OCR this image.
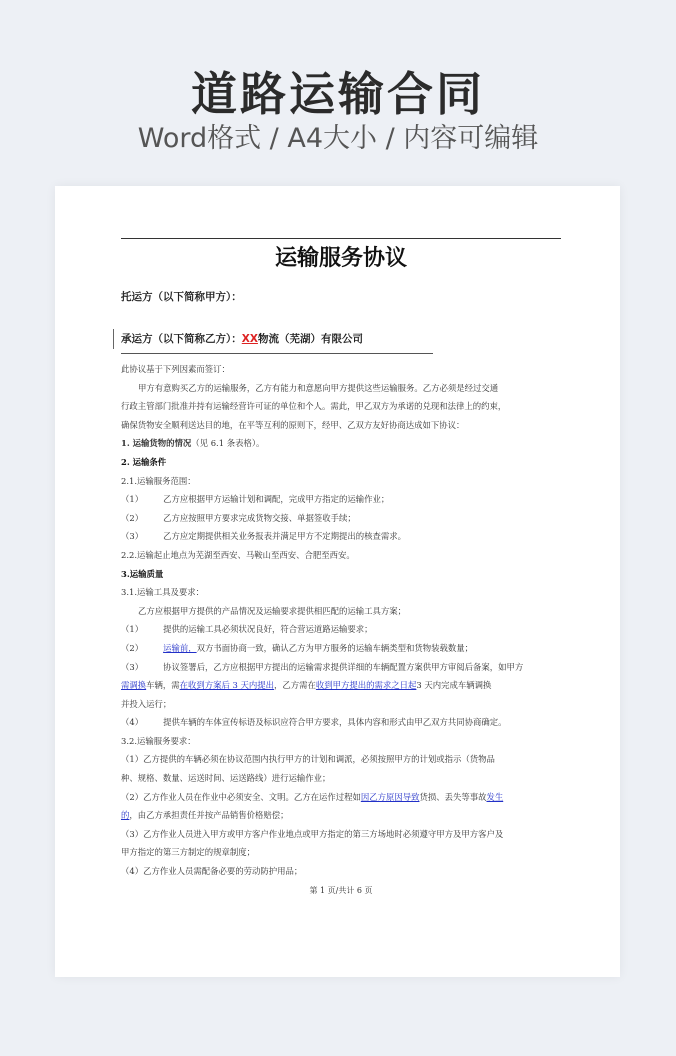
道路运输合同
Word格式 / A4大小 / 内容可编辑
运输服务协议
托运方（以下简称甲方）：
承运方（以下简称乙方）：XX物流（芜湖）有限公司
此协议基于下列因素而签订：
甲方有意购买乙方的运输服务，乙方有能力和意愿向甲方提供这些运输服务。乙方必须是经过交通
行政主管部门批准并持有运输经营许可证的单位和个人。需此，甲乙双方为承诺的兑现和法律上的约束，
确保货物安全顺利送达目的地，在平等互利的原则下，经甲、乙双方友好协商达成如下协议：
1. 运输货物的情况（见 6.1 条表格）。
2. 运输条件
2.1.运输服务范围：
（1） 乙方应根据甲方运输计划和调配，完成甲方指定的运输作业；
（2） 乙方应按照甲方要求完成货物交接、单据签收手续；
（3） 乙方应定期提供相关业务报表并满足甲方不定期提出的核查需求。
2.2.运输起止地点为芜湖至西安、马鞍山至西安、合肥至西安。
3.运输质量
3.1.运输工具及要求：
乙方应根据甲方提供的产品情况及运输要求提供相匹配的运输工具方案；
（1） 提供的运输工具必须状况良好，符合营运道路运输要求；
（2） 运输前，双方书面协商一致，确认乙方为甲方服务的运输车辆类型和货物装载数量；
（3） 协议签署后，乙方应根据甲方提出的运输需求提供详细的车辆配置方案供甲方审阅后备案，如甲方
需调换车辆，需在收到方案后 3 天内提出，乙方需在收到甲方提出的需求之日起3 天内完成车辆调换
并投入运行；
（4） 提供车辆的车体宣传标语及标识应符合甲方要求，具体内容和形式由甲乙双方共同协商确定。
3.2.运输服务要求：
（1）乙方提供的车辆必须在协议范围内执行甲方的计划和调派，必须按照甲方的计划或指示（货物品
种、规格、数量、运送时间、运送路线）进行运输作业；
（2）乙方作业人员在作业中必须安全、文明。乙方在运作过程如因乙方原因导致货损、丢失等事故发生
的，由乙方承担责任并按产品销售价格赔偿；
（3）乙方作业人员进入甲方或甲方客户作业地点或甲方指定的第三方场地时必须遵守甲方及甲方客户及
甲方指定的第三方制定的规章制度；
（4）乙方作业人员需配备必要的劳动防护用品；
第 1 页/共计 6 页
